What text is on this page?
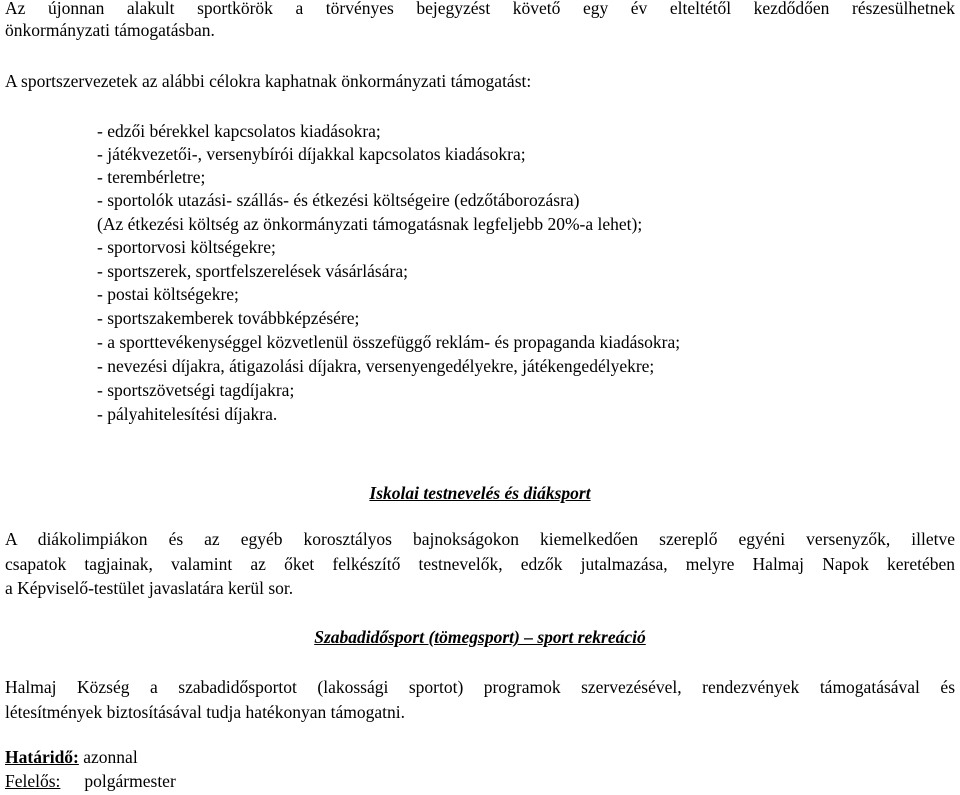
Az újonnan alakult sportkörök a törvényes bejegyzést követő egy év elteltétől kezdődően részesülhetnek
önkormányzati támogatásban.
A sportszervezetek az alábbi célokra kaphatnak önkormányzati támogatást:
- edzői bérekkel kapcsolatos kiadásokra;
- játékvezetői-, versenybírói díjakkal kapcsolatos kiadásokra;
- terembérletre;
- sportolók utazási- szállás- és étkezési költségeire (edzőtáborozásra)
(Az étkezési költség az önkormányzati támogatásnak legfeljebb 20%-a lehet);
- sportorvosi költségekre;
- sportszerek, sportfelszerelések vásárlására;
- postai költségekre;
- sportszakemberek továbbképzésére;
- a sporttevékenységgel közvetlenül összefüggő reklám- és propaganda kiadásokra;
- nevezési díjakra, átigazolási díjakra, versenyengedélyekre, játékengedélyekre;
- sportszövetségi tagdíjakra;
- pályahitelesítési díjakra.
Iskolai testnevelés és diáksport
A diákolimpiákon és az egyéb korosztályos bajnokságokon kiemelkedően szereplő egyéni versenyzők, illetve
csapatok tagjainak, valamint az őket felkészítő testnevelők, edzők jutalmazása, melyre Halmaj Napok keretében
a Képviselő-testület javaslatára kerül sor.
Szabadidősport (tömegsport) – sport rekreáció
Halmaj Község a szabadidősportot (lakossági sportot) programok szervezésével, rendezvények támogatásával és
létesítmények biztosításával tudja hatékonyan támogatni.
Határidő: azonnal
Felelős: polgármester
